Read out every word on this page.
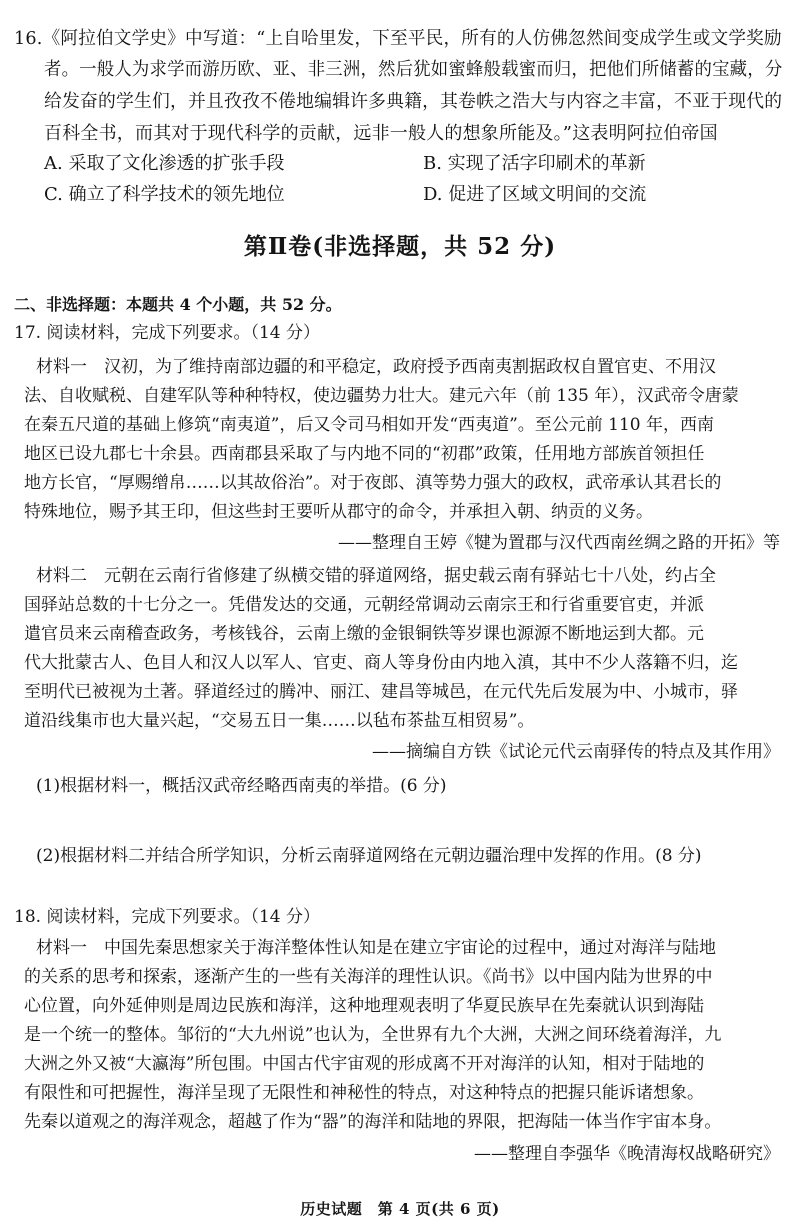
16.《阿拉伯文学史》中写道：“上自哈里发，下至平民，所有的人仿佛忽然间变成学生或文学奖励
者。一般人为求学而游历欧、亚、非三洲，然后犹如蜜蜂般载蜜而归，把他们所储蓄的宝藏，分
给发奋的学生们，并且孜孜不倦地编辑许多典籍，其卷帙之浩大与内容之丰富，不亚于现代的
百科全书，而其对于现代科学的贡献，远非一般人的想象所能及。”这表明阿拉伯帝国
A. 采取了文化渗透的扩张手段	B. 实现了活字印刷术的革新
C. 确立了科学技术的领先地位	D. 促进了区域文明间的交流
第Ⅱ卷(非选择题，共 52 分)
二、非选择题：本题共 4 个小题，共 52 分。
17. 阅读材料，完成下列要求。（14 分）
材料一　汉初，为了维持南部边疆的和平稳定，政府授予西南夷割据政权自置官吏、不用汉
法、自收赋税、自建军队等种种特权，使边疆势力壮大。建元六年（前 135 年），汉武帝令唐蒙
在秦五尺道的基础上修筑“南夷道”，后又令司马相如开发“西夷道”。至公元前 110 年，西南
地区已设九郡七十余县。西南郡县采取了与内地不同的“初郡”政策，任用地方部族首领担任
地方长官，“厚赐缯帛……以其故俗治”。对于夜郎、滇等势力强大的政权，武帝承认其君长的
特殊地位，赐予其王印，但这些封王要听从郡守的命令，并承担入朝、纳贡的义务。
——整理自王婷《犍为置郡与汉代西南丝绸之路的开拓》等
材料二　元朝在云南行省修建了纵横交错的驿道网络，据史载云南有驿站七十八处，约占全
国驿站总数的十七分之一。凭借发达的交通，元朝经常调动云南宗王和行省重要官吏，并派
遣官员来云南稽查政务，考核钱谷，云南上缴的金银铜铁等岁课也源源不断地运到大都。元
代大批蒙古人、色目人和汉人以军人、官吏、商人等身份由内地入滇，其中不少人落籍不归，迄
至明代已被视为土著。驿道经过的腾冲、丽江、建昌等城邑，在元代先后发展为中、小城市，驿
道沿线集市也大量兴起，“交易五日一集……以毡布茶盐互相贸易”。
——摘编自方铁《试论元代云南驿传的特点及其作用》
(1)根据材料一，概括汉武帝经略西南夷的举措。(6 分)
(2)根据材料二并结合所学知识，分析云南驿道网络在元朝边疆治理中发挥的作用。(8 分)
18. 阅读材料，完成下列要求。（14 分）
材料一　中国先秦思想家关于海洋整体性认知是在建立宇宙论的过程中，通过对海洋与陆地
的关系的思考和探索，逐渐产生的一些有关海洋的理性认识。《尚书》以中国内陆为世界的中
心位置，向外延伸则是周边民族和海洋，这种地理观表明了华夏民族早在先秦就认识到海陆
是一个统一的整体。邹衍的“大九州说”也认为，全世界有九个大洲，大洲之间环绕着海洋，九
大洲之外又被“大瀛海”所包围。中国古代宇宙观的形成离不开对海洋的认知，相对于陆地的
有限性和可把握性，海洋呈现了无限性和神秘性的特点，对这种特点的把握只能诉诸想象。
先秦以道观之的海洋观念，超越了作为“器”的海洋和陆地的界限，把海陆一体当作宇宙本身。
——整理自李强华《晚清海权战略研究》
历史试题　第 4 页(共 6 页)
